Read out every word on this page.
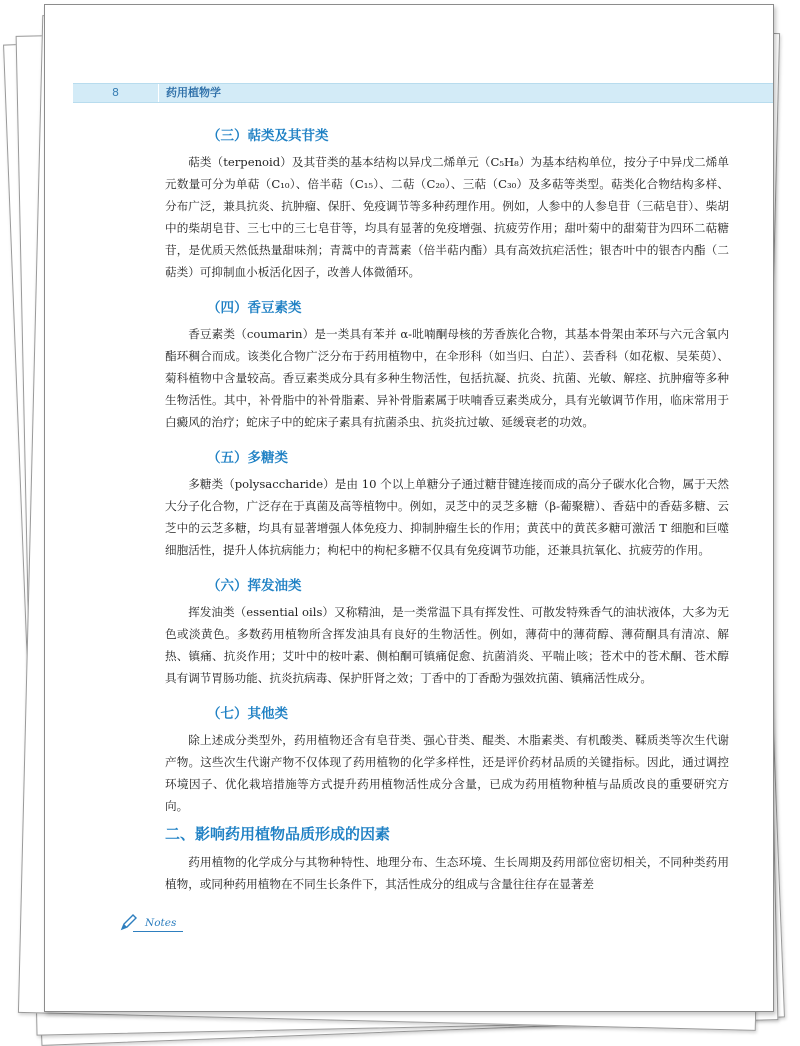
8	药用植物学
（三）萜类及其苷类

萜类（terpenoid）及其苷类的基本结构以异戊二烯单元（C₅H₈）为基本结构单位，按分子中异戊二烯单元数量可分为单萜（C₁₀）、倍半萜（C₁₅）、二萜（C₂₀）、三萜（C₃₀）及多萜等类型。萜类化合物结构多样、分布广泛，兼具抗炎、抗肿瘤、保肝、免疫调节等多种药理作用。例如，人参中的人参皂苷（三萜皂苷）、柴胡中的柴胡皂苷、三七中的三七皂苷等，均具有显著的免疫增强、抗疲劳作用；甜叶菊中的甜菊苷为四环二萜糖苷，是优质天然低热量甜味剂；青蒿中的青蒿素（倍半萜内酯）具有高效抗疟活性；银杏叶中的银杏内酯（二萜类）可抑制血小板活化因子，改善人体微循环。

（四）香豆素类

香豆素类（coumarin）是一类具有苯并 α-吡喃酮母核的芳香族化合物，其基本骨架由苯环与六元含氧内酯环稠合而成。该类化合物广泛分布于药用植物中，在伞形科（如当归、白芷）、芸香科（如花椒、吴茱萸）、菊科植物中含量较高。香豆素类成分具有多种生物活性，包括抗凝、抗炎、抗菌、光敏、解痉、抗肿瘤等多种生物活性。其中，补骨脂中的补骨脂素、异补骨脂素属于呋喃香豆素类成分，具有光敏调节作用，临床常用于白癜风的治疗；蛇床子中的蛇床子素具有抗菌杀虫、抗炎抗过敏、延缓衰老的功效。

（五）多糖类

多糖类（polysaccharide）是由 10 个以上单糖分子通过糖苷键连接而成的高分子碳水化合物，属于天然大分子化合物，广泛存在于真菌及高等植物中。例如，灵芝中的灵芝多糖（β-葡聚糖）、香菇中的香菇多糖、云芝中的云芝多糖，均具有显著增强人体免疫力、抑制肿瘤生长的作用；黄芪中的黄芪多糖可激活 T 细胞和巨噬细胞活性，提升人体抗病能力；枸杞中的枸杞多糖不仅具有免疫调节功能，还兼具抗氧化、抗疲劳的作用。

（六）挥发油类

挥发油类（essential oils）又称精油，是一类常温下具有挥发性、可散发特殊香气的油状液体，大多为无色或淡黄色。多数药用植物所含挥发油具有良好的生物活性。例如，薄荷中的薄荷醇、薄荷酮具有清凉、解热、镇痛、抗炎作用；艾叶中的桉叶素、侧柏酮可镇痛促愈、抗菌消炎、平喘止咳；苍术中的苍术酮、苍术醇具有调节胃肠功能、抗炎抗病毒、保护肝肾之效；丁香中的丁香酚为强效抗菌、镇痛活性成分。

（七）其他类

除上述成分类型外，药用植物还含有皂苷类、强心苷类、醌类、木脂素类、有机酸类、鞣质类等次生代谢产物。这些次生代谢产物不仅体现了药用植物的化学多样性，还是评价药材品质的关键指标。因此，通过调控环境因子、优化栽培措施等方式提升药用植物活性成分含量，已成为药用植物种植与品质改良的重要研究方向。

二、影响药用植物品质形成的因素

药用植物的化学成分与其物种特性、地理分布、生态环境、生长周期及药用部位密切相关，不同种类药用植物，或同种药用植物在不同生长条件下，其活性成分的组成与含量往往存在显著差

Notes
